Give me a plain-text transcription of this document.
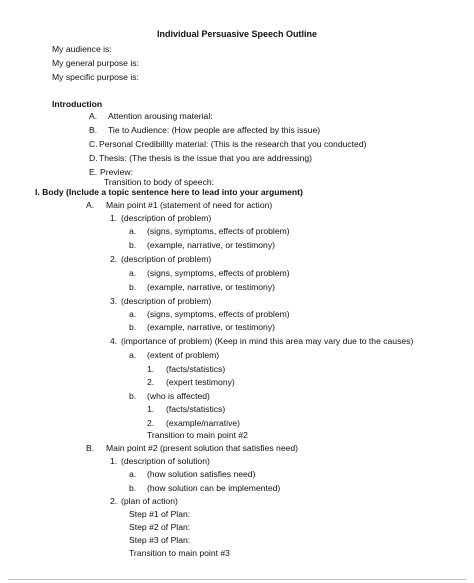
Individual Persuasive Speech Outline
My audience is:
My general purpose is:
My specific purpose is:
Introduction
A. Attention arousing material:
B. Tie to Audience: (How people are affected by this issue)
C. Personal Credibility material: (This is the research that you conducted)
D. Thesis: (The thesis is the issue that you are addressing)
E. Preview:
Transition to body of speech:
I. Body (Include a topic sentence here to lead into your argument)
A. Main point #1 (statement of need for action)
1. (description of problem)
a. (signs, symptoms, effects of problem)
b. (example, narrative, or testimony)
2. (description of problem)
a. (signs, symptoms, effects of problem)
b. (example, narrative, or testimony)
3. (description of problem)
a. (signs, symptoms, effects of problem)
b. (example, narrative, or testimony)
4. (importance of problem) (Keep in mind this area may vary due to the causes)
a. (extent of problem)
1. (facts/statistics)
2. (expert testimony)
b. (who is affected)
1. (facts/statistics)
2. (example/narrative)
Transition to main point #2
B. Main point #2 (present solution that satisfies need)
1. (description of solution)
a. (how solution satisfies need)
b. (how solution can be implemented)
2. (plan of action)
Step #1 of Plan:
Step #2 of Plan:
Step #3 of Plan:
Transition to main point #3
